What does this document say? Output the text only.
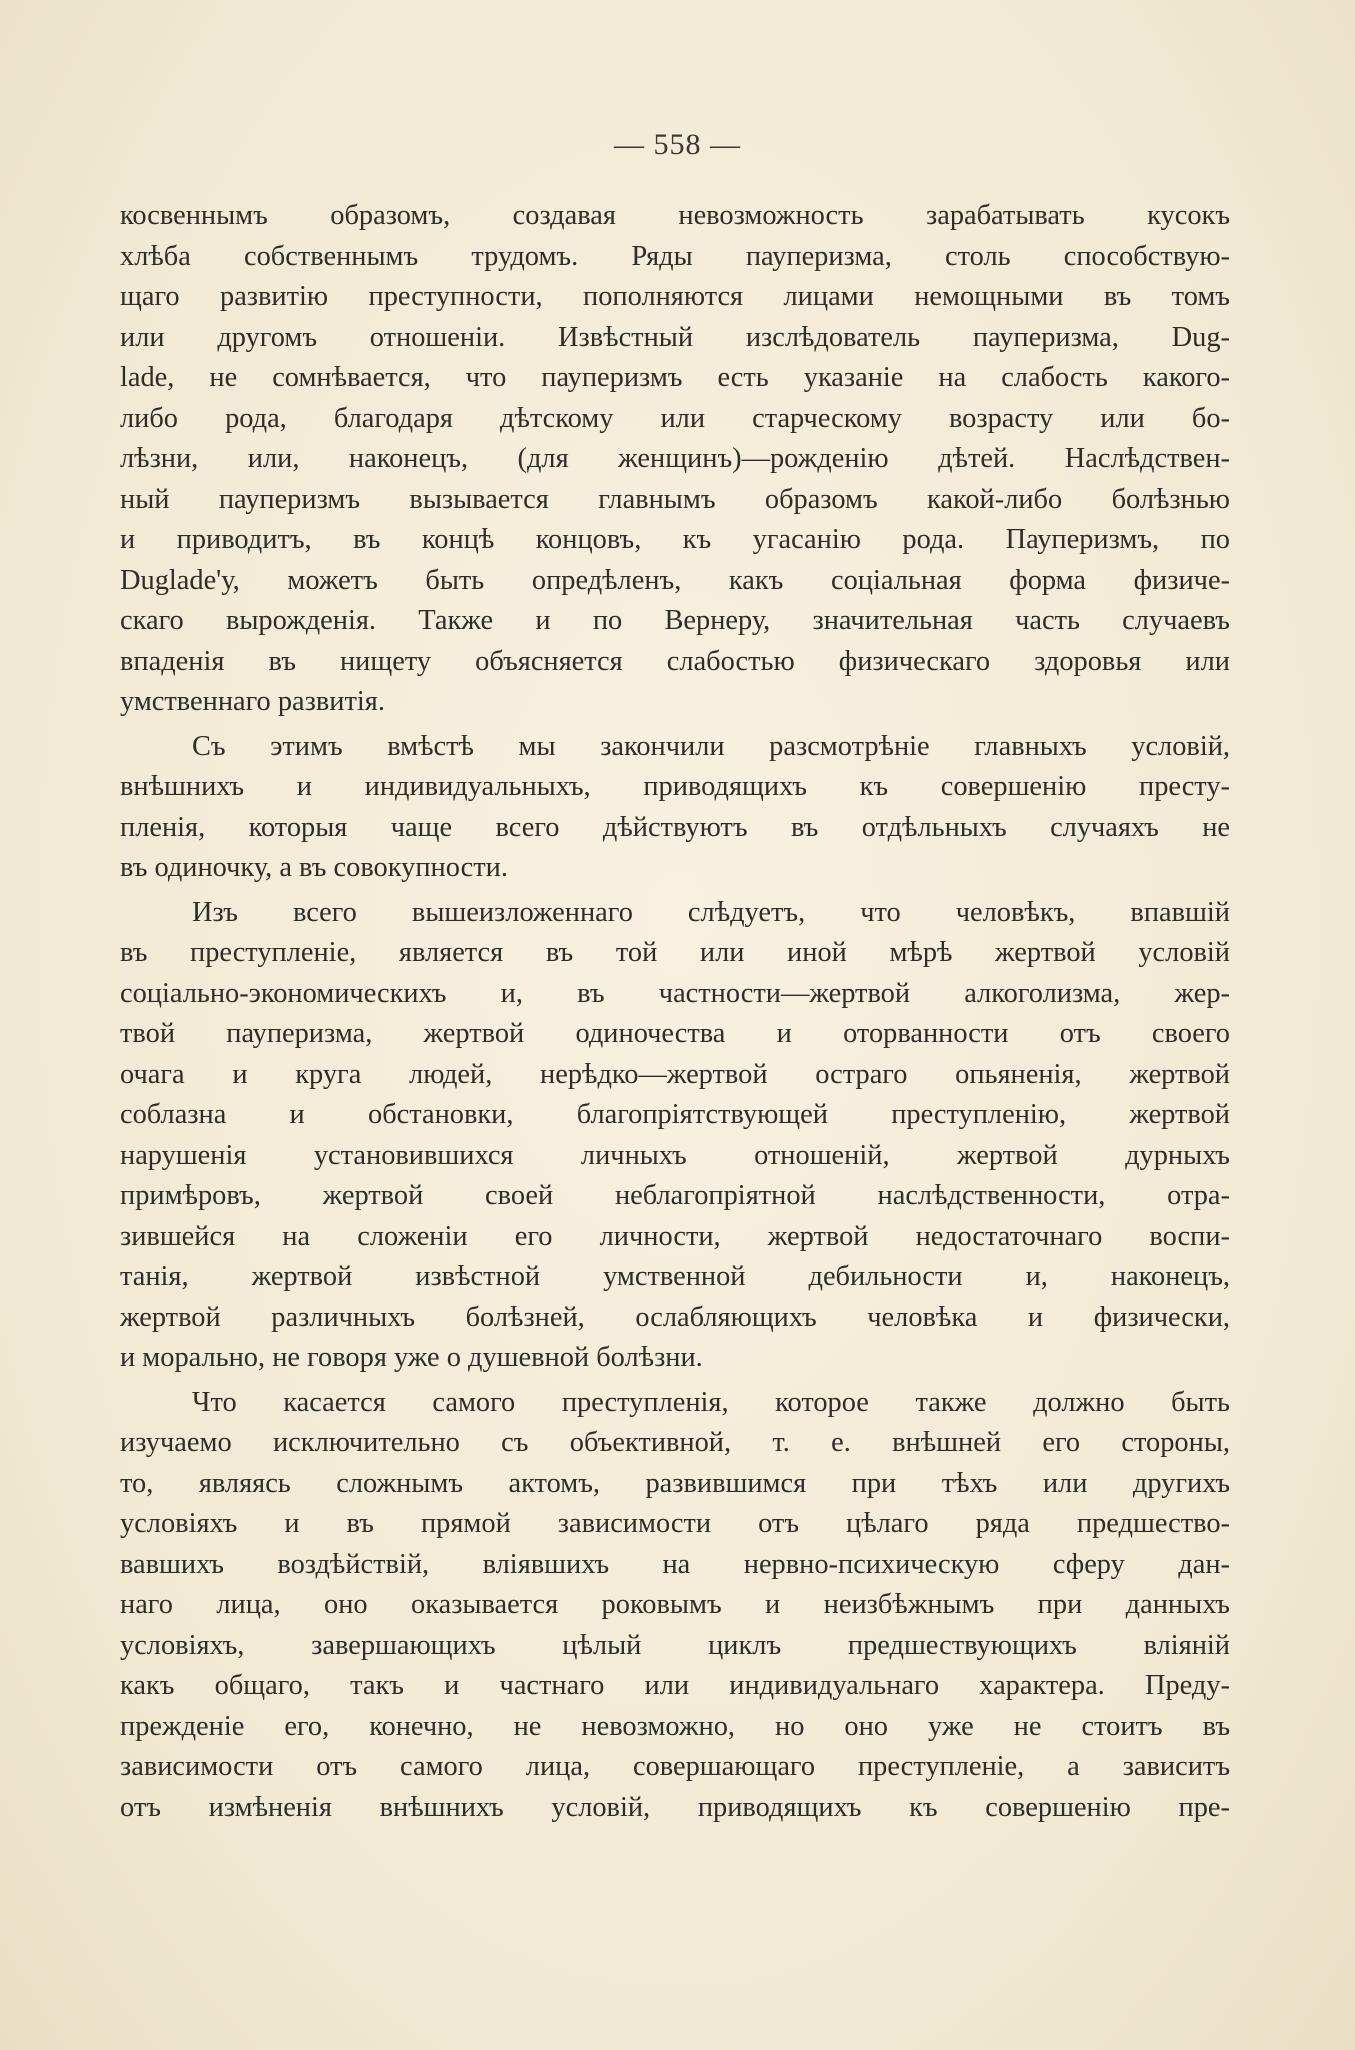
— 558 —
косвеннымъ образомъ, создавая невозможность зарабатывать кусокъ
хлѣба собственнымъ трудомъ. Ряды пауперизма, столь способствую-
щаго развитію преступности, пополняются лицами немощными въ томъ
или другомъ отношеніи. Извѣстный изслѣдователь пауперизма, Dug-
lade, не сомнѣвается, что пауперизмъ есть указаніе на слабость какого-
либо рода, благодаря дѣтскому или старческому возрасту или бо-
лѣзни, или, наконецъ, (для женщинъ)—рожденію дѣтей. Наслѣдствен-
ный пауперизмъ вызывается главнымъ образомъ какой-либо болѣзнью
и приводитъ, въ концѣ концовъ, къ угасанію рода. Пауперизмъ, по
Dugladе'у, можетъ быть опредѣленъ, какъ соціальная форма физиче-
скаго вырожденія. Также и по Вернеру, значительная часть случаевъ
впаденія въ нищету объясняется слабостью физическаго здоровья или
умственнаго развитія.
Съ этимъ вмѣстѣ мы закончили разсмотрѣніе главныхъ условій,
внѣшнихъ и индивидуальныхъ, приводящихъ къ совершенію престу-
пленія, которыя чаще всего дѣйствуютъ въ отдѣльныхъ случаяхъ не
въ одиночку, а въ совокупности.
Изъ всего вышеизложеннаго слѣдуетъ, что человѣкъ, впавшій
въ преступленіе, является въ той или иной мѣрѣ жертвой условій
соціально-экономическихъ и, въ частности—жертвой алкоголизма, жер-
твой пауперизма, жертвой одиночества и оторванности отъ своего
очага и круга людей, нерѣдко—жертвой остраго опьяненія, жертвой
соблазна и обстановки, благопріятствующей преступленію, жертвой
нарушенія установившихся личныхъ отношеній, жертвой дурныхъ
примѣровъ, жертвой своей неблагопріятной наслѣдственности, отра-
зившейся на сложеніи его личности, жертвой недостаточнаго воспи-
танія, жертвой извѣстной умственной дебильности и, наконецъ,
жертвой различныхъ болѣзней, ослабляющихъ человѣка и физически,
и морально, не говоря уже о душевной болѣзни.
Что касается самого преступленія, которое также должно быть
изучаемо исключительно съ объективной, т. е. внѣшней его стороны,
то, являясь сложнымъ актомъ, развившимся при тѣхъ или другихъ
условіяхъ и въ прямой зависимости отъ цѣлаго ряда предшество-
вавшихъ воздѣйствій, вліявшихъ на нервно-психическую сферу дан-
наго лица, оно оказывается роковымъ и неизбѣжнымъ при данныхъ
условіяхъ, завершающихъ цѣлый циклъ предшествующихъ вліяній
какъ общаго, такъ и частнаго или индивидуальнаго характера. Преду-
прежденіе его, конечно, не невозможно, но оно уже не стоитъ въ
зависимости отъ самого лица, совершающаго преступленіе, а зависитъ
отъ измѣненія внѣшнихъ условій, приводящихъ къ совершенію пре-
